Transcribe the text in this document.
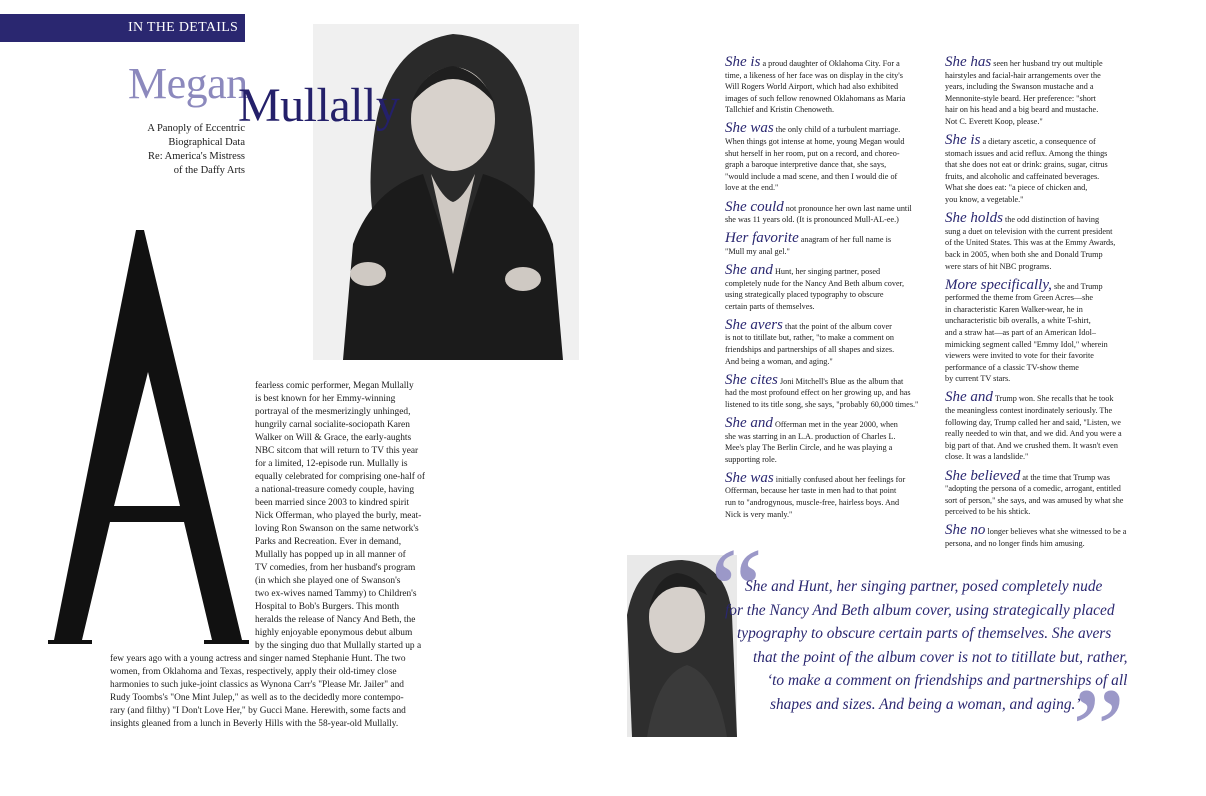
IN THE DETAILS
Megan
Mullally
A Panoply of Eccentric
Biographical Data
Re: America's Mistress
of the Daffy Arts
fearless comic performer, Megan Mullally
is best known for her Emmy-winning
portrayal of the mesmerizingly unhinged,
hungrily carnal socialite-sociopath Karen
Walker on Will & Grace, the early-aughts
NBC sitcom that will return to TV this year
for a limited, 12-episode run. Mullally is
equally celebrated for comprising one-half of
a national-treasure comedy couple, having
been married since 2003 to kindred spirit
Nick Offerman, who played the burly, meat-
loving Ron Swanson on the same network's
Parks and Recreation. Ever in demand,
Mullally has popped up in all manner of
TV comedies, from her husband's program
(in which she played one of Swanson's
two ex-wives named Tammy) to Children's
Hospital to Bob's Burgers. This month
heralds the release of Nancy And Beth, the
highly enjoyable eponymous debut album
by the singing duo that Mullally started up a
few years ago with a young actress and singer named Stephanie Hunt. The two
women, from Oklahoma and Texas, respectively, apply their old-timey close
harmonies to such juke-joint classics as Wynona Carr's "Please Mr. Jailer" and
Rudy Toombs's "One Mint Julep," as well as to the decidedly more contempo-
rary (and filthy) "I Don't Love Her," by Gucci Mane. Herewith, some facts and
insights gleaned from a lunch in Beverly Hills with the 58-year-old Mullally.
She is a proud daughter of Oklahoma City. For a
time, a likeness of her face was on display in the city's
Will Rogers World Airport, which had also exhibited
images of such fellow renowned Oklahomans as Maria
Tallchief and Kristin Chenoweth.
She was the only child of a turbulent marriage.
When things got intense at home, young Megan would
shut herself in her room, put on a record, and choreo-
graph a baroque interpretive dance that, she says,
"would include a mad scene, and then I would die of
love at the end."
She could not pronounce her own last name until
she was 11 years old. (It is pronounced Mull-AL-ee.)
Her favorite anagram of her full name is
"Mull my anal gel."
She and Hunt, her singing partner, posed
completely nude for the Nancy And Beth album cover,
using strategically placed typography to obscure
certain parts of themselves.
She avers that the point of the album cover
is not to titillate but, rather, "to make a comment on
friendships and partnerships of all shapes and sizes.
And being a woman, and aging."
She cites Joni Mitchell's Blue as the album that
had the most profound effect on her growing up, and has
listened to its title song, she says, "probably 60,000 times."
She and Offerman met in the year 2000, when
she was starring in an L.A. production of Charles L.
Mee's play The Berlin Circle, and he was playing a
supporting role.
She was initially confused about her feelings for
Offerman, because her taste in men had to that point
run to "androgynous, muscle-free, hairless boys. And
Nick is very manly."
She has seen her husband try out multiple
hairstyles and facial-hair arrangements over the
years, including the Swanson mustache and a
Mennonite-style beard. Her preference: "short
hair on his head and a big beard and mustache.
Not C. Everett Koop, please."
She is a dietary ascetic, a consequence of
stomach issues and acid reflux. Among the things
that she does not eat or drink: grains, sugar, citrus
fruits, and alcoholic and caffeinated beverages.
What she does eat: "a piece of chicken and,
you know, a vegetable."
She holds the odd distinction of having
sung a duet on television with the current president
of the United States. This was at the Emmy Awards,
back in 2005, when both she and Donald Trump
were stars of hit NBC programs.
More specifically, she and Trump
performed the theme from Green Acres—she
in characteristic Karen Walker-wear, he in
uncharacteristic bib overalls, a white T-shirt,
and a straw hat—as part of an American Idol–
mimicking segment called "Emmy Idol," wherein
viewers were invited to vote for their favorite
performance of a classic TV-show theme
by current TV stars.
She and Trump won. She recalls that he took
the meaningless contest inordinately seriously. The
following day, Trump called her and said, "Listen, we
really needed to win that, and we did. And you were a
big part of that. And we crushed them. It wasn't even
close. It was a landslide."
She believed at the time that Trump was
"adopting the persona of a comedic, arrogant, entitled
sort of person," she says, and was amused by what she
perceived to be his shtick.
She no longer believes what she witnessed to be a
persona, and no longer finds him amusing.
“
She and Hunt, her singing partner, posed completely nude
for the Nancy And Beth album cover, using strategically placed
typography to obscure certain parts of themselves. She avers
that the point of the album cover is not to titillate but, rather,
‘to make a comment on friendships and partnerships of all
shapes and sizes. And being a woman, and aging.’
”
